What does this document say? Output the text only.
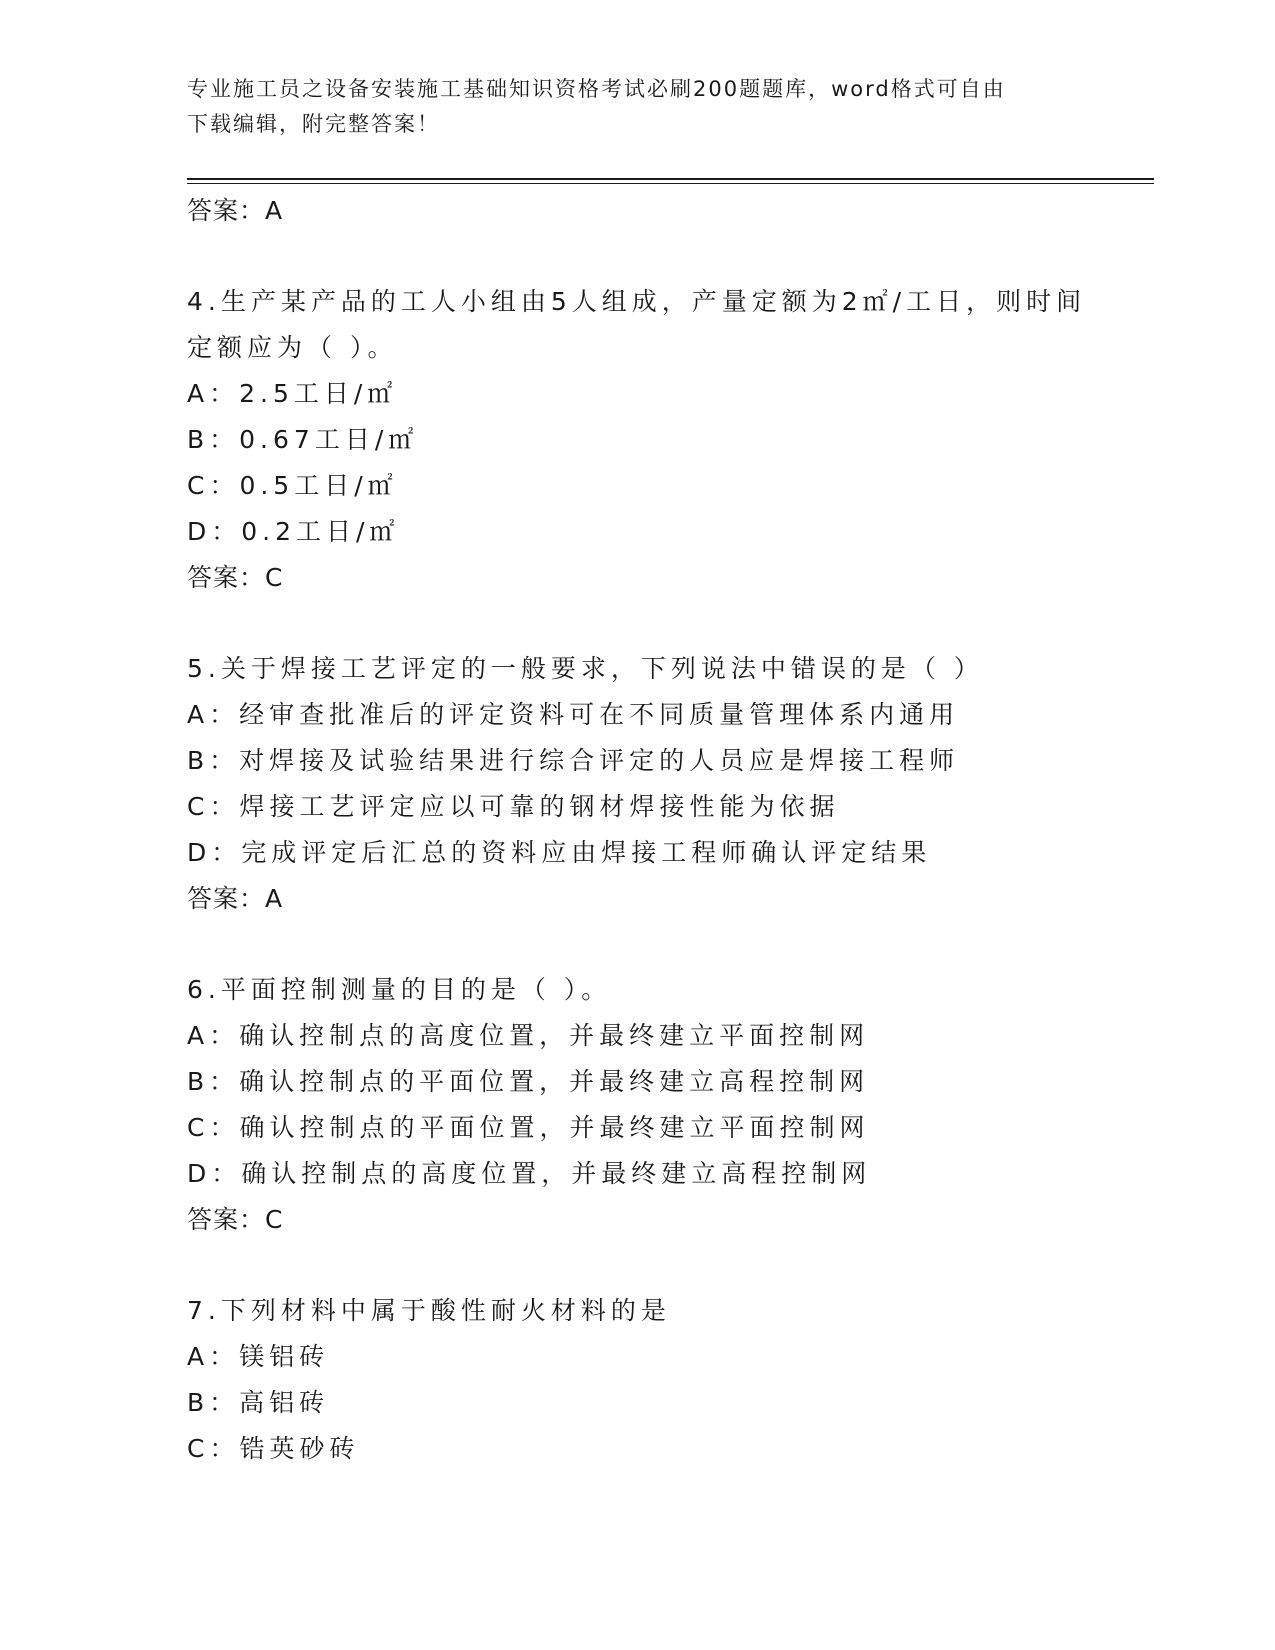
专业施工员之设备安装施工基础知识资格考试必刷200题题库，word格式可自由
下载编辑，附完整答案！
答案：A
4.生产某产品的工人小组由5人组成，产量定额为2㎡/工日，则时间
定额应为（ ）。
A：2.5工日/㎡
B：0.67工日/㎡
C：0.5工日/㎡
D：0.2工日/㎡
答案：C
5.关于焊接工艺评定的一般要求，下列说法中错误的是（ ）
A：经审查批准后的评定资料可在不同质量管理体系内通用
B：对焊接及试验结果进行综合评定的人员应是焊接工程师
C：焊接工艺评定应以可靠的钢材焊接性能为依据
D：完成评定后汇总的资料应由焊接工程师确认评定结果
答案：A
6.平面控制测量的目的是（ ）。
A：确认控制点的高度位置，并最终建立平面控制网
B：确认控制点的平面位置，并最终建立高程控制网
C：确认控制点的平面位置，并最终建立平面控制网
D：确认控制点的高度位置，并最终建立高程控制网
答案：C
7.下列材料中属于酸性耐火材料的是
A：镁铝砖
B：高铝砖
C：锆英砂砖
